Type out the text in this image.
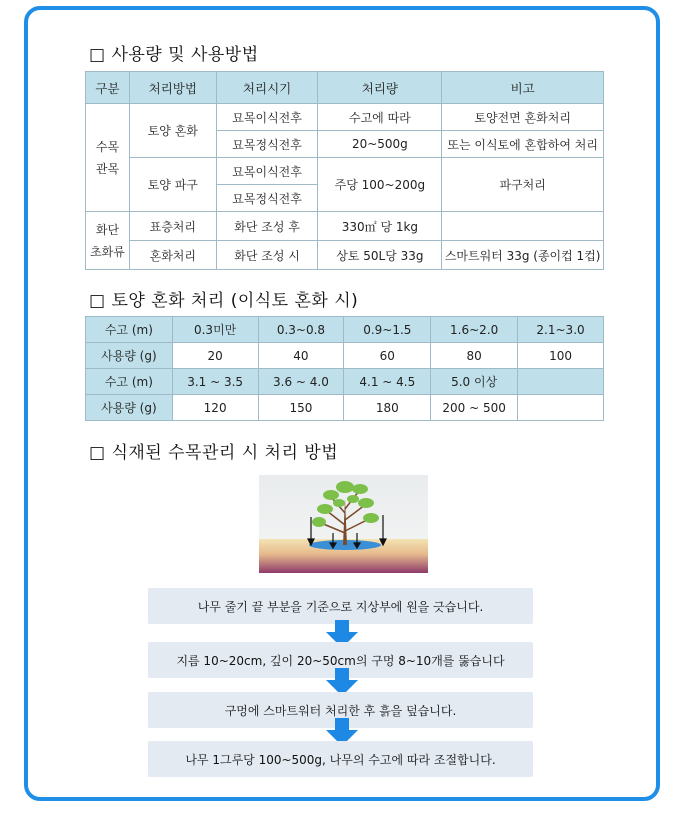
□ 사용량 및 사용방법
구분	처리방법	처리시기	처리량	비고
수목
관목	토양 혼화	묘목이식전후	수고에 따라	토양전면 혼화처리
		묘목정식전후	20~500g	또는 이식토에 혼합하여 처리
	토양 파구	묘목이식전후	주당 100~200g	파구처리
		묘목정식전후		
화단
초화류	표층처리	화단 조성 후	330㎡ 당 1kg	
	혼화처리	화단 조성 시	상토 50L당 33g	스마트워터 33g (종이컵 1컵)
□ 토양 혼화 처리 (이식토 혼화 시)
수고 (m)	0.3미만	0.3~0.8	0.9~1.5	1.6~2.0	2.1~3.0
사용량 (g)	20	40	60	80	100
수고 (m)	3.1 ~ 3.5	3.6 ~ 4.0	4.1 ~ 4.5	5.0 이상	
사용량 (g)	120	150	180	200 ~ 500	
□ 식재된 수목관리 시 처리 방법
나무 줄기 끝 부분을 기준으로 지상부에 원을 긋습니다.
지름 10~20cm, 깊이 20~50cm의 구멍 8~10개를 뚫습니다
구멍에 스마트워터 처리한 후 흙을 덮습니다.
나무 1그루당 100~500g, 나무의 수고에 따라 조절합니다.
